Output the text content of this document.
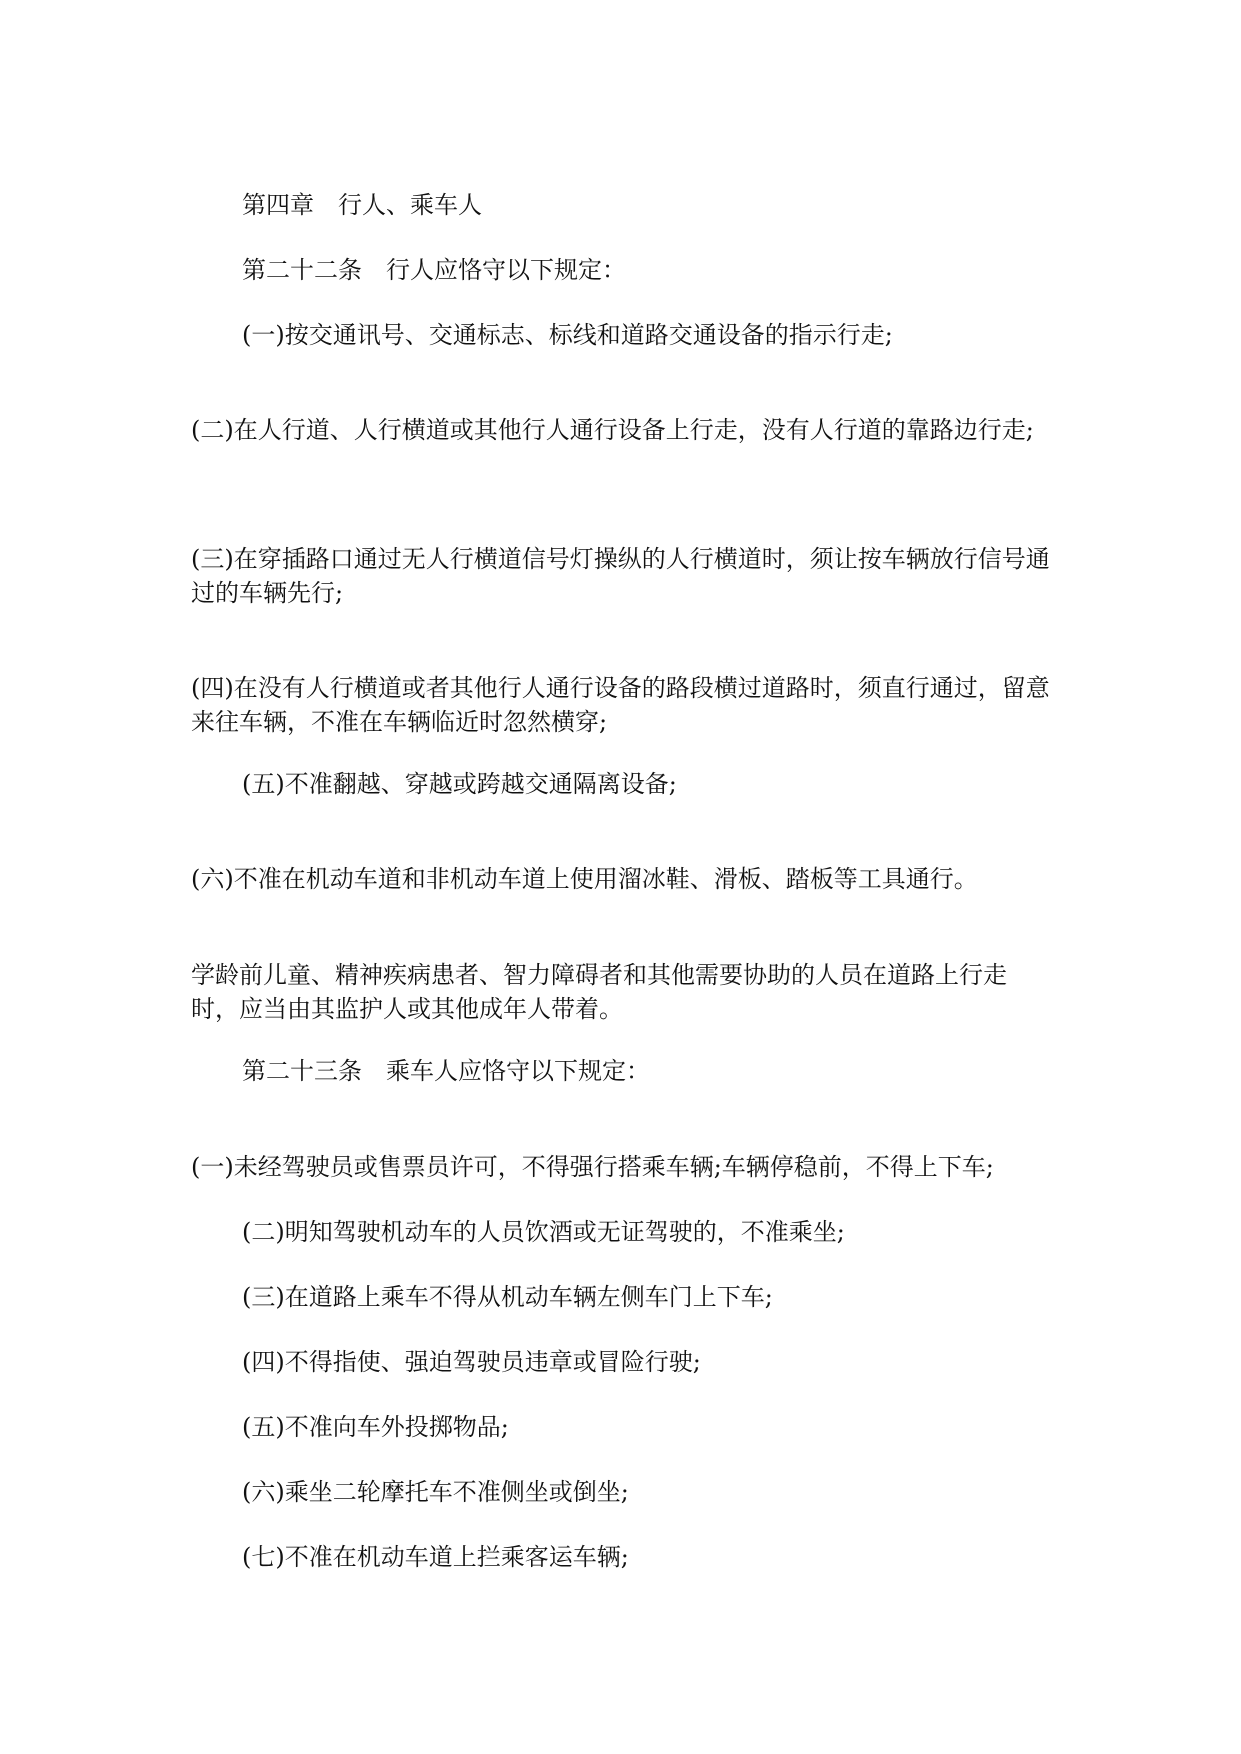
第四章　行人、乘车人

第二十二条　行人应恪守以下规定：

(一)按交通讯号、交通标志、标线和道路交通设备的指示行走;

(二)在人行道、人行横道或其他行人通行设备上行走，没有人行道的靠路边行走;

(三)在穿插路口通过无人行横道信号灯操纵的人行横道时，须让按车辆放行信号通过的车辆先行;

(四)在没有人行横道或者其他行人通行设备的路段横过道路时，须直行通过，留意来往车辆，不准在车辆临近时忽然横穿;

(五)不准翻越、穿越或跨越交通隔离设备;

(六)不准在机动车道和非机动车道上使用溜冰鞋、滑板、踏板等工具通行。

学龄前儿童、精神疾病患者、智力障碍者和其他需要协助的人员在道路上行走时，应当由其监护人或其他成年人带着。

第二十三条　乘车人应恪守以下规定：

(一)未经驾驶员或售票员许可，不得强行搭乘车辆;车辆停稳前，不得上下车;

(二)明知驾驶机动车的人员饮酒或无证驾驶的，不准乘坐;

(三)在道路上乘车不得从机动车辆左侧车门上下车;

(四)不得指使、强迫驾驶员违章或冒险行驶;

(五)不准向车外投掷物品;

(六)乘坐二轮摩托车不准侧坐或倒坐;

(七)不准在机动车道上拦乘客运车辆;
